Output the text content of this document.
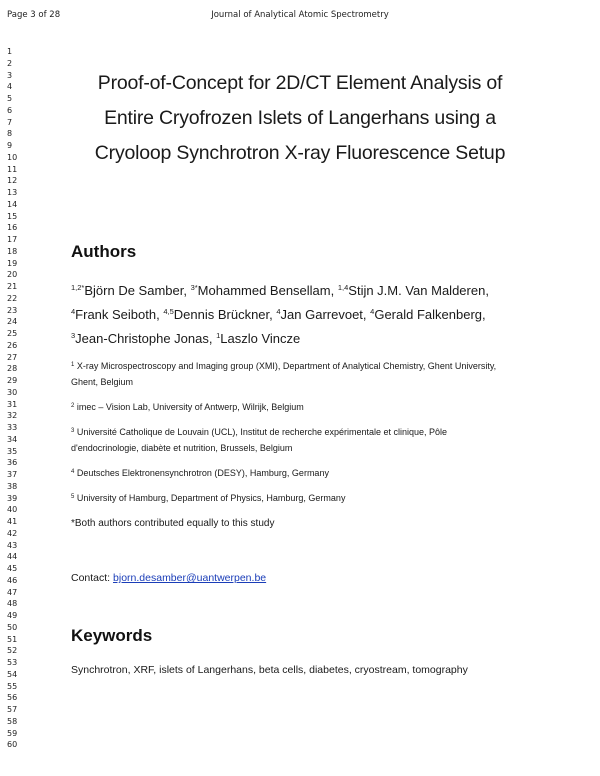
Page 3 of 28	Journal of Analytical Atomic Spectrometry
1
2
3
4
5
6
7
8
9
10
11
12
13
14
15
16
17
18
19
20
21
22
23
24
25
26
27
28
29
30
31
32
33
34
35
36
37
38
39
40
41
42
43
44
45
46
47
48
49
50
51
52
53
54
55
56
57
58
59
60
Proof-of-Concept for 2D/CT Element Analysis of
Entire Cryofrozen Islets of Langerhans using a
Cryoloop Synchrotron X-ray Fluorescence Setup
Authors
$^{1,2*}$Björn De Samber, $^{3*}$Mohammed Bensellam, $^{1,4}$Stijn J.M. Van Malderen,
$^4$Frank Seiboth, $^{4,5}$Dennis Brückner, $^4$Jan Garrevoet, $^4$Gerald Falkenberg,
$^3$Jean-Christophe Jonas, $^1$Laszlo Vincze
$^1$ X-ray Microspectroscopy and Imaging group (XMI), Department of Analytical Chemistry, Ghent University, Ghent, Belgium
$^2$ imec – Vision Lab, University of Antwerp, Wilrijk, Belgium
$^3$ Université Catholique de Louvain (UCL), Institut de recherche expérimentale et clinique, Pôle d'endocrinologie, diabète et nutrition, Brussels, Belgium
$^4$ Deutsches Elektronensynchrotron (DESY), Hamburg, Germany
$^5$ University of Hamburg, Department of Physics, Hamburg, Germany
*Both authors contributed equally to this study
Contact: bjorn.desamber@uantwerpen.be
Keywords
Synchrotron, XRF, islets of Langerhans, beta cells, diabetes, cryostream, tomography
